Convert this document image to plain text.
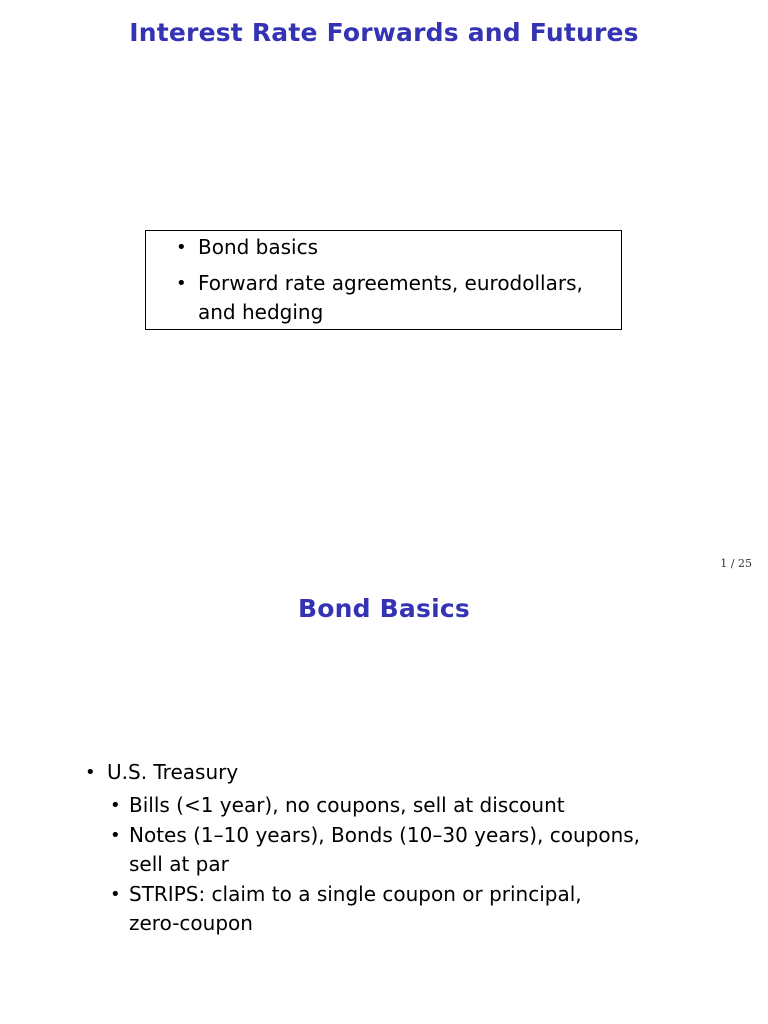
Interest Rate Forwards and Futures
• Bond basics
• Forward rate agreements, eurodollars,
and hedging
1 / 25
Bond Basics
• U.S. Treasury
• Bills (<1 year), no coupons, sell at discount
• Notes (1–10 years), Bonds (10–30 years), coupons,
sell at par
• STRIPS: claim to a single coupon or principal,
zero-coupon
